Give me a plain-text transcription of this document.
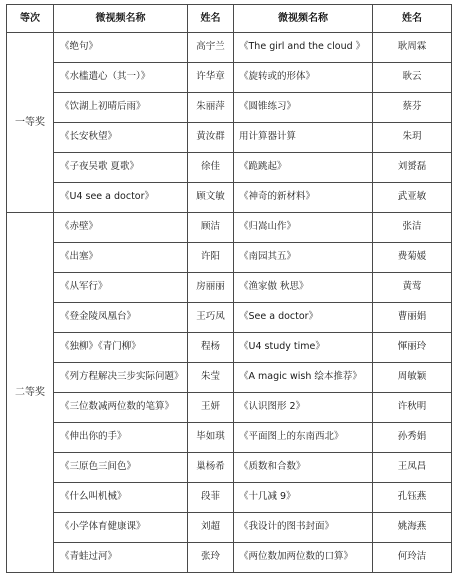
等次	微视频名称	姓名	微视频名称	姓名
一等奖	《绝句》	高宇兰	《The girl and the cloud 》	耿周霖
	《水槛遣心（其一）》	许华章	《旋转或的形体》	耿云
	《饮湖上初晴后雨》	朱丽萍	《圆锥练习》	蔡芬
	《长安秋望》	黄汝群	用计算器计算	朱玥
	《子夜吴歌 夏歌》	徐佳	《跪跳起》	刘赟磊
	《U4 see a doctor》	顾文敏	《神奇的新材料》	武亚敏
二等奖	《赤壁》	顾洁	《归嵩山作》	张洁
	《出塞》	许阳	《南园其五》	费菊媛
	《从军行》	房丽丽	《渔家傲 秋思》	黄莺
	《登金陵凤凰台》	王巧凤	《See a doctor》	曹丽娟
	《独柳》《青门柳》	程杨	《U4 study time》	惲丽玲
	《列方程解决三步实际问题》	朱莹	《A magic wish 绘本推荐》	周敏颖
	《三位数减两位数的笔算》	王妍	《认识图形 2》	许秋明
	《伸出你的手》	毕如琪	《平面图上的东南西北》	孙秀娟
	《三原色三间色》	巢杨希	《质数和合数》	王凤昌
	《什么叫机械》	段菲	《十几减 9》	孔钰燕
	《小学体育健康课》	刘超	《我设计的图书封面》	姚海燕
	《青蛙过河》	张玲	《两位数加两位数的口算》	何玲洁
